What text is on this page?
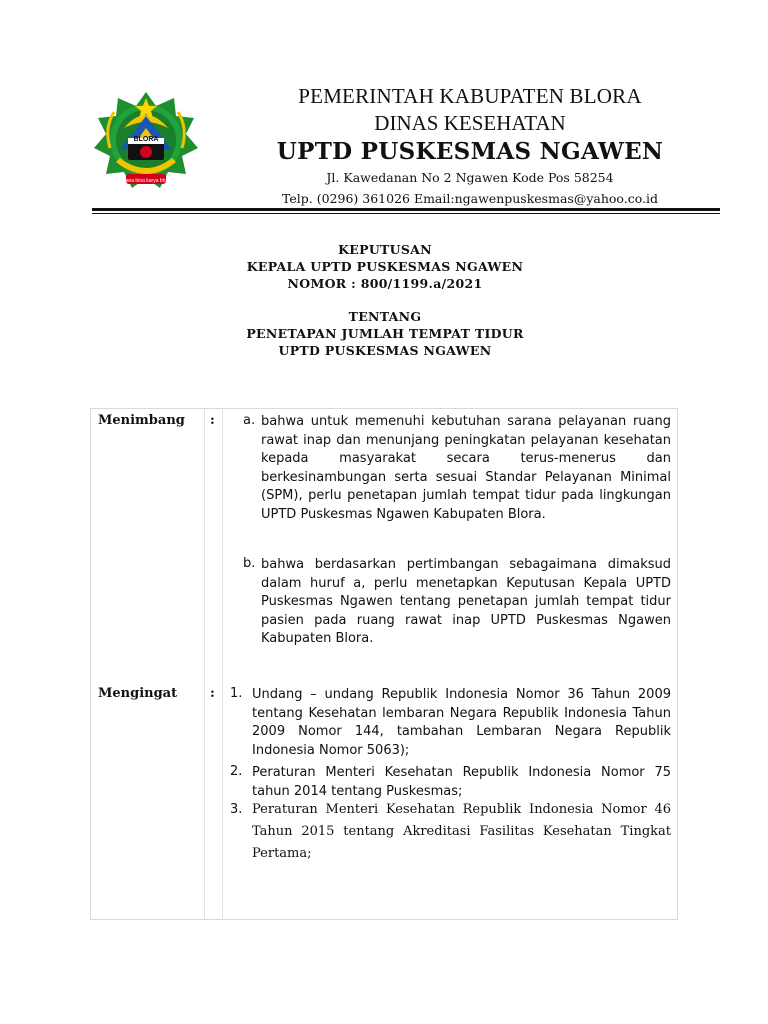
BLORA
sarana bina karya bhakti
PEMERINTAH KABUPATEN BLORA
DINAS KESEHATAN
UPTD PUSKESMAS NGAWEN
Jl. Kawedanan No 2 Ngawen Kode Pos 58254
Telp. (0296) 361026 Email:ngawenpuskesmas@yahoo.co.id
KEPUTUSAN
KEPALA UPTD PUSKESMAS NGAWEN
NOMOR : 800/1199.a/2021
TENTANG
PENETAPAN JUMLAH TEMPAT TIDUR
UPTD PUSKESMAS NGAWEN
Menimbang : a. bahwa untuk memenuhi kebutuhan sarana pelayanan ruang rawat inap dan menunjang peningkatan pelayanan kesehatan kepada masyarakat secara terus-menerus dan berkesinambungan serta sesuai Standar Pelayanan Minimal (SPM), perlu penetapan jumlah tempat tidur pada lingkungan UPTD Puskesmas Ngawen Kabupaten Blora.
b. bahwa berdasarkan pertimbangan sebagaimana dimaksud dalam huruf a, perlu menetapkan Keputusan Kepala UPTD Puskesmas Ngawen tentang penetapan jumlah tempat tidur pasien pada ruang rawat inap UPTD Puskesmas Ngawen Kabupaten Blora.
Mengingat	: 1. Undang – undang Republik Indonesia Nomor 36 Tahun 2009 tentang Kesehatan lembaran Negara Republik Indonesia Tahun 2009 Nomor 144, tambahan Lembaran Negara Republik Indonesia Nomor 5063);
2. Peraturan Menteri Kesehatan Republik Indonesia Nomor 75 tahun 2014 tentang Puskesmas;
3. Peraturan Menteri Kesehatan Republik Indonesia Nomor 46 Tahun 2015 tentang Akreditasi Fasilitas Kesehatan Tingkat Pertama;
